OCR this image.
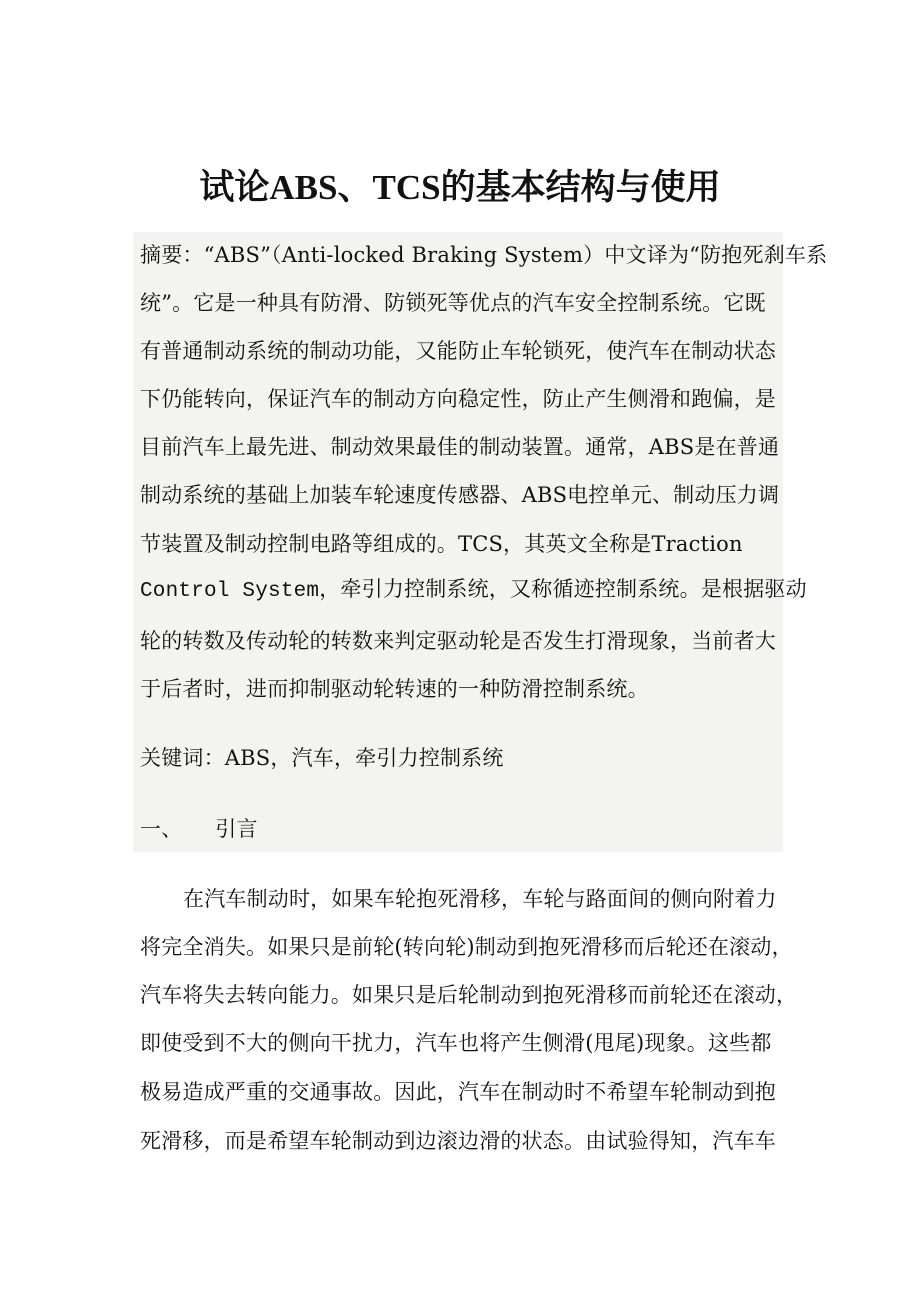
试论ABS、TCS的基本结构与使用
摘要：“ABS”（Anti-locked Braking System）中文译为“防抱死刹车系
统”。它是一种具有防滑、防锁死等优点的汽车安全控制系统。它既
有普通制动系统的制动功能，又能防止车轮锁死，使汽车在制动状态
下仍能转向，保证汽车的制动方向稳定性，防止产生侧滑和跑偏，是
目前汽车上最先进、制动效果最佳的制动装置。通常，ABS是在普通
制动系统的基础上加装车轮速度传感器、ABS电控单元、制动压力调
节装置及制动控制电路等组成的。TCS，其英文全称是Traction
Control System，牵引力控制系统，又称循迹控制系统。是根据驱动
轮的转数及传动轮的转数来判定驱动轮是否发生打滑现象，当前者大
于后者时，进而抑制驱动轮转速的一种防滑控制系统。
关键词：ABS，汽车，牵引力控制系统
一、 引言
在汽车制动时，如果车轮抱死滑移，车轮与路面间的侧向附着力
将完全消失。如果只是前轮(转向轮)制动到抱死滑移而后轮还在滚动，
汽车将失去转向能力。如果只是后轮制动到抱死滑移而前轮还在滚动，
即使受到不大的侧向干扰力，汽车也将产生侧滑(甩尾)现象。这些都
极易造成严重的交通事故。因此，汽车在制动时不希望车轮制动到抱
死滑移，而是希望车轮制动到边滚边滑的状态。由试验得知，汽车车
